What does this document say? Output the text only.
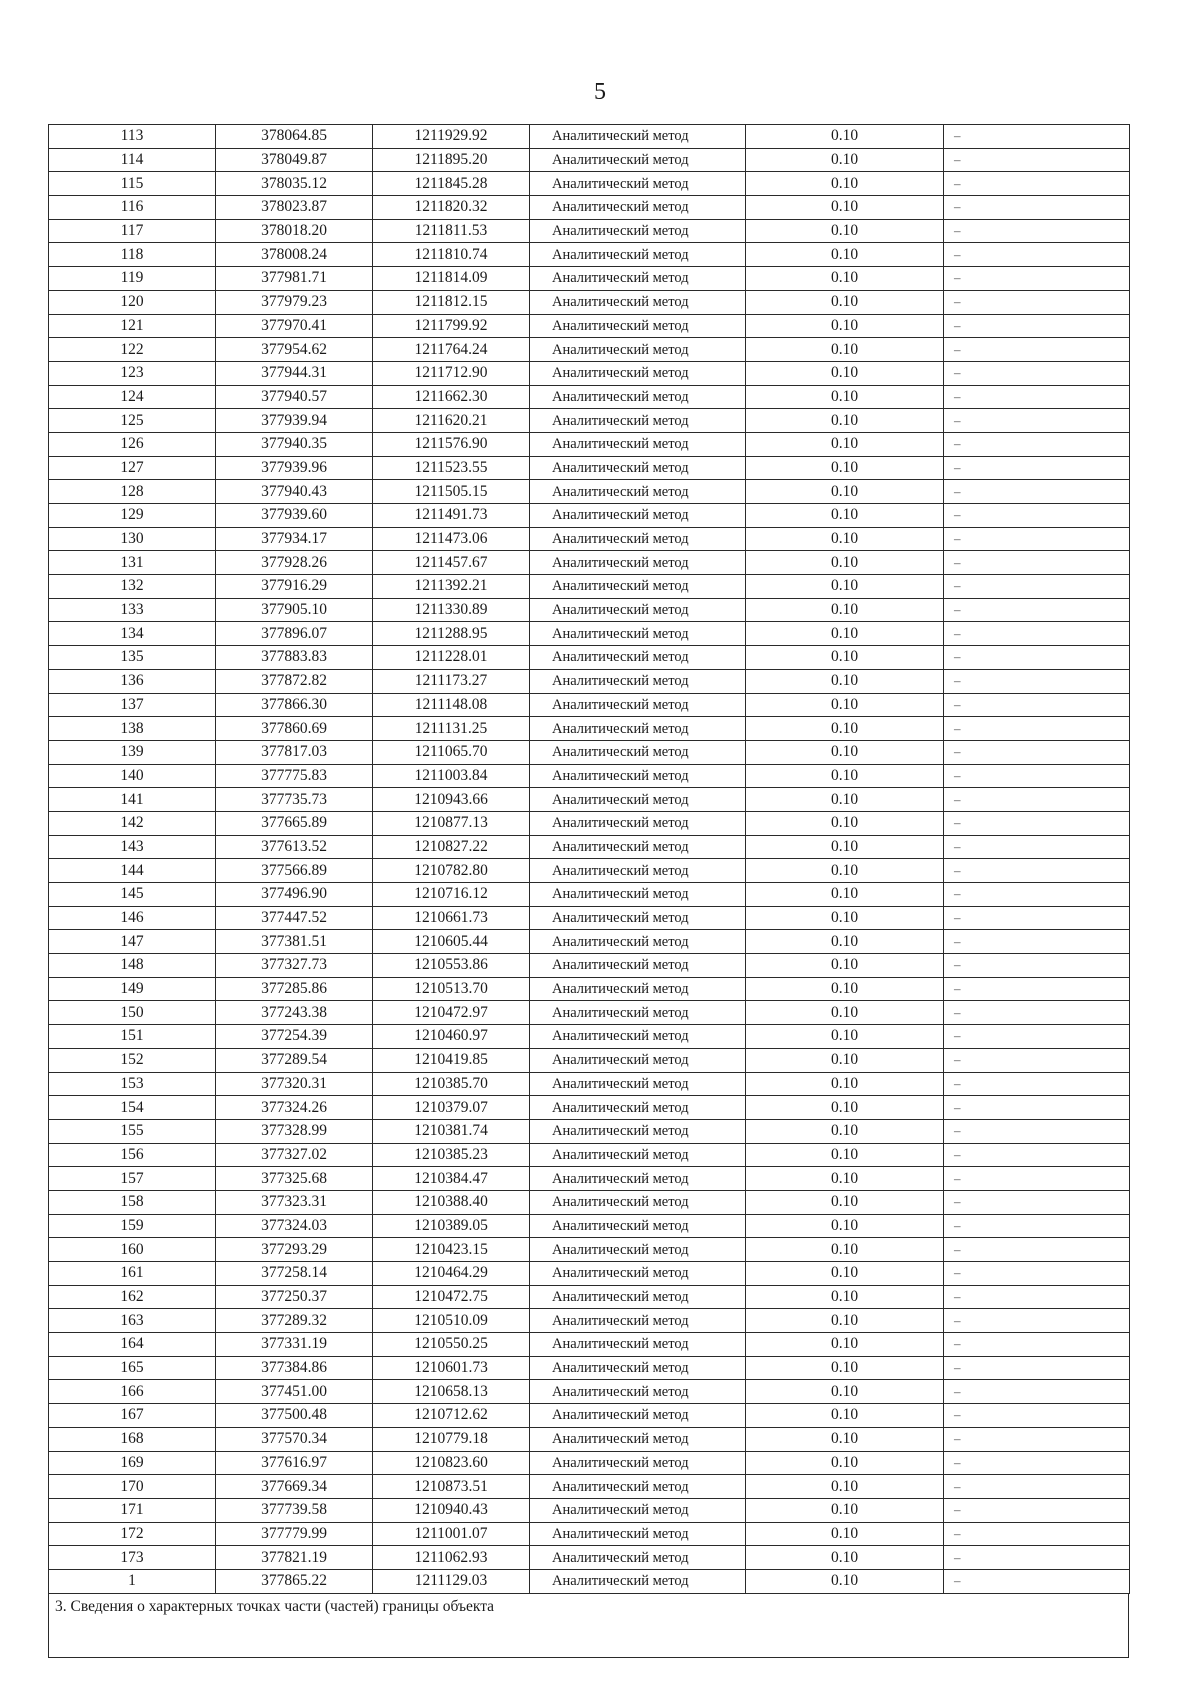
5
113	378064.85	1211929.92	Аналитический метод	0.10	–
114	378049.87	1211895.20	Аналитический метод	0.10	–
115	378035.12	1211845.28	Аналитический метод	0.10	–
116	378023.87	1211820.32	Аналитический метод	0.10	–
117	378018.20	1211811.53	Аналитический метод	0.10	–
118	378008.24	1211810.74	Аналитический метод	0.10	–
119	377981.71	1211814.09	Аналитический метод	0.10	–
120	377979.23	1211812.15	Аналитический метод	0.10	–
121	377970.41	1211799.92	Аналитический метод	0.10	–
122	377954.62	1211764.24	Аналитический метод	0.10	–
123	377944.31	1211712.90	Аналитический метод	0.10	–
124	377940.57	1211662.30	Аналитический метод	0.10	–
125	377939.94	1211620.21	Аналитический метод	0.10	–
126	377940.35	1211576.90	Аналитический метод	0.10	–
127	377939.96	1211523.55	Аналитический метод	0.10	–
128	377940.43	1211505.15	Аналитический метод	0.10	–
129	377939.60	1211491.73	Аналитический метод	0.10	–
130	377934.17	1211473.06	Аналитический метод	0.10	–
131	377928.26	1211457.67	Аналитический метод	0.10	–
132	377916.29	1211392.21	Аналитический метод	0.10	–
133	377905.10	1211330.89	Аналитический метод	0.10	–
134	377896.07	1211288.95	Аналитический метод	0.10	–
135	377883.83	1211228.01	Аналитический метод	0.10	–
136	377872.82	1211173.27	Аналитический метод	0.10	–
137	377866.30	1211148.08	Аналитический метод	0.10	–
138	377860.69	1211131.25	Аналитический метод	0.10	–
139	377817.03	1211065.70	Аналитический метод	0.10	–
140	377775.83	1211003.84	Аналитический метод	0.10	–
141	377735.73	1210943.66	Аналитический метод	0.10	–
142	377665.89	1210877.13	Аналитический метод	0.10	–
143	377613.52	1210827.22	Аналитический метод	0.10	–
144	377566.89	1210782.80	Аналитический метод	0.10	–
145	377496.90	1210716.12	Аналитический метод	0.10	–
146	377447.52	1210661.73	Аналитический метод	0.10	–
147	377381.51	1210605.44	Аналитический метод	0.10	–
148	377327.73	1210553.86	Аналитический метод	0.10	–
149	377285.86	1210513.70	Аналитический метод	0.10	–
150	377243.38	1210472.97	Аналитический метод	0.10	–
151	377254.39	1210460.97	Аналитический метод	0.10	–
152	377289.54	1210419.85	Аналитический метод	0.10	–
153	377320.31	1210385.70	Аналитический метод	0.10	–
154	377324.26	1210379.07	Аналитический метод	0.10	–
155	377328.99	1210381.74	Аналитический метод	0.10	–
156	377327.02	1210385.23	Аналитический метод	0.10	–
157	377325.68	1210384.47	Аналитический метод	0.10	–
158	377323.31	1210388.40	Аналитический метод	0.10	–
159	377324.03	1210389.05	Аналитический метод	0.10	–
160	377293.29	1210423.15	Аналитический метод	0.10	–
161	377258.14	1210464.29	Аналитический метод	0.10	–
162	377250.37	1210472.75	Аналитический метод	0.10	–
163	377289.32	1210510.09	Аналитический метод	0.10	–
164	377331.19	1210550.25	Аналитический метод	0.10	–
165	377384.86	1210601.73	Аналитический метод	0.10	–
166	377451.00	1210658.13	Аналитический метод	0.10	–
167	377500.48	1210712.62	Аналитический метод	0.10	–
168	377570.34	1210779.18	Аналитический метод	0.10	–
169	377616.97	1210823.60	Аналитический метод	0.10	–
170	377669.34	1210873.51	Аналитический метод	0.10	–
171	377739.58	1210940.43	Аналитический метод	0.10	–
172	377779.99	1211001.07	Аналитический метод	0.10	–
173	377821.19	1211062.93	Аналитический метод	0.10	–
1	377865.22	1211129.03	Аналитический метод	0.10	–
3. Сведения о характерных точках части (частей) границы объекта
